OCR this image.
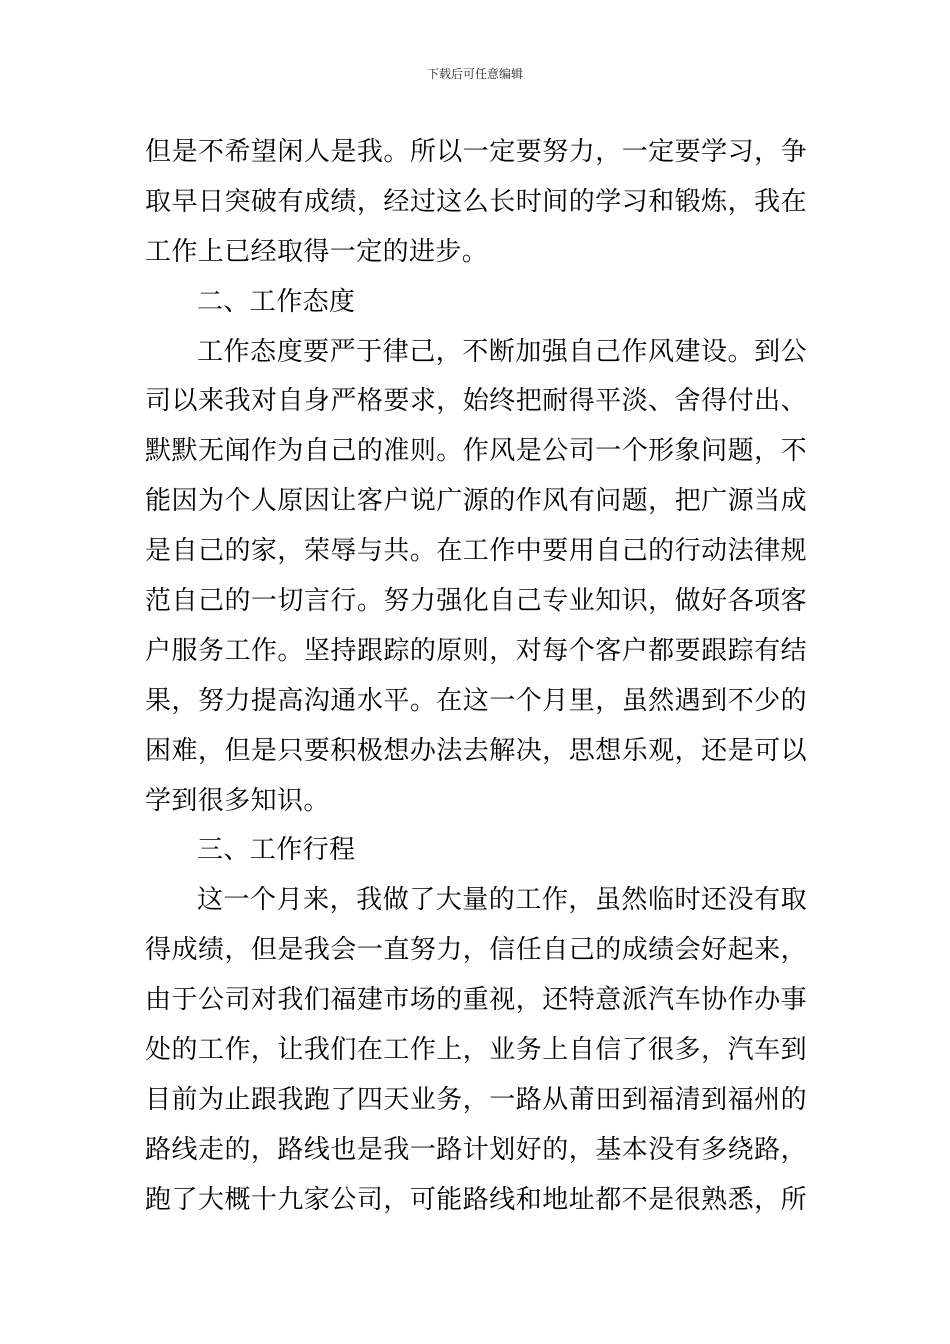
下载后可任意编辑
但是不希望闲人是我。所以一定要努力，一定要学习，争
取早日突破有成绩，经过这么长时间的学习和锻炼，我在
工作上已经取得一定的进步。
二、工作态度
工作态度要严于律己，不断加强自己作风建设。到公
司以来我对自身严格要求，始终把耐得平淡、舍得付出、
默默无闻作为自己的准则。作风是公司一个形象问题，不
能因为个人原因让客户说广源的作风有问题，把广源当成
是自己的家，荣辱与共。在工作中要用自己的行动法律规
范自己的一切言行。努力强化自己专业知识，做好各项客
户服务工作。坚持跟踪的原则，对每个客户都要跟踪有结
果，努力提高沟通水平。在这一个月里，虽然遇到不少的
困难，但是只要积极想办法去解决，思想乐观，还是可以
学到很多知识。
三、工作行程
这一个月来，我做了大量的工作，虽然临时还没有取
得成绩，但是我会一直努力，信任自己的成绩会好起来，
由于公司对我们福建市场的重视，还特意派汽车协作办事
处的工作，让我们在工作上，业务上自信了很多，汽车到
目前为止跟我跑了四天业务，一路从莆田到福清到福州的
路线走的，路线也是我一路计划好的，基本没有多绕路，
跑了大概十九家公司，可能路线和地址都不是很熟悉，所
